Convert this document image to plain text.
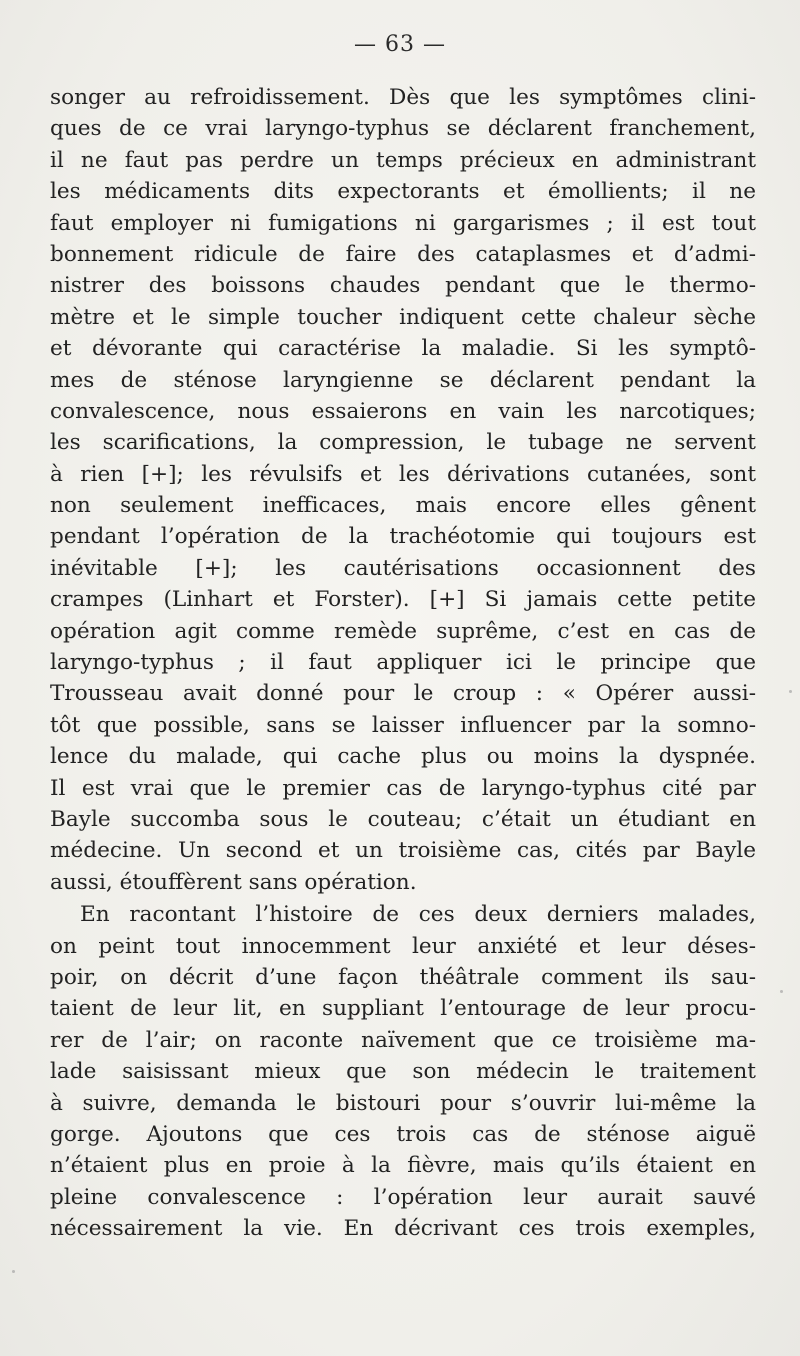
— 63 —
songer au refroidissement. Dès que les symptômes clini-
ques de ce vrai laryngo-typhus se déclarent franchement,
il ne faut pas perdre un temps précieux en administrant
les médicaments dits expectorants et émollients; il ne
faut employer ni fumigations ni gargarismes ; il est tout
bonnement ridicule de faire des cataplasmes et d’admi-
nistrer des boissons chaudes pendant que le thermo-
mètre et le simple toucher indiquent cette chaleur sèche
et dévorante qui caractérise la maladie. Si les symptô-
mes de sténose laryngienne se déclarent pendant la
convalescence, nous essaierons en vain les narcotiques;
les scarifications, la compression, le tubage ne servent
à rien [+]; les révulsifs et les dérivations cutanées, sont
non seulement inefficaces, mais encore elles gênent
pendant l’opération de la trachéotomie qui toujours est
inévitable [+]; les cautérisations occasionnent des
crampes (Linhart et Forster). [+] Si jamais cette petite
opération agit comme remède suprême, c’est en cas de
laryngo-typhus ; il faut appliquer ici le principe que
Trousseau avait donné pour le croup : « Opérer aussi-
tôt que possible, sans se laisser influencer par la somno-
lence du malade, qui cache plus ou moins la dyspnée.
Il est vrai que le premier cas de laryngo-typhus cité par
Bayle succomba sous le couteau; c’était un étudiant en
médecine. Un second et un troisième cas, cités par Bayle
aussi, étouffèrent sans opération.
En racontant l’histoire de ces deux derniers malades,
on peint tout innocemment leur anxiété et leur déses-
poir, on décrit d’une façon théâtrale comment ils sau-
taient de leur lit, en suppliant l’entourage de leur procu-
rer de l’air; on raconte naïvement que ce troisième ma-
lade saisissant mieux que son médecin le traitement
à suivre, demanda le bistouri pour s’ouvrir lui-même la
gorge. Ajoutons que ces trois cas de sténose aiguë
n’étaient plus en proie à la fièvre, mais qu’ils étaient en
pleine convalescence : l’opération leur aurait sauvé
nécessairement la vie. En décrivant ces trois exemples,
